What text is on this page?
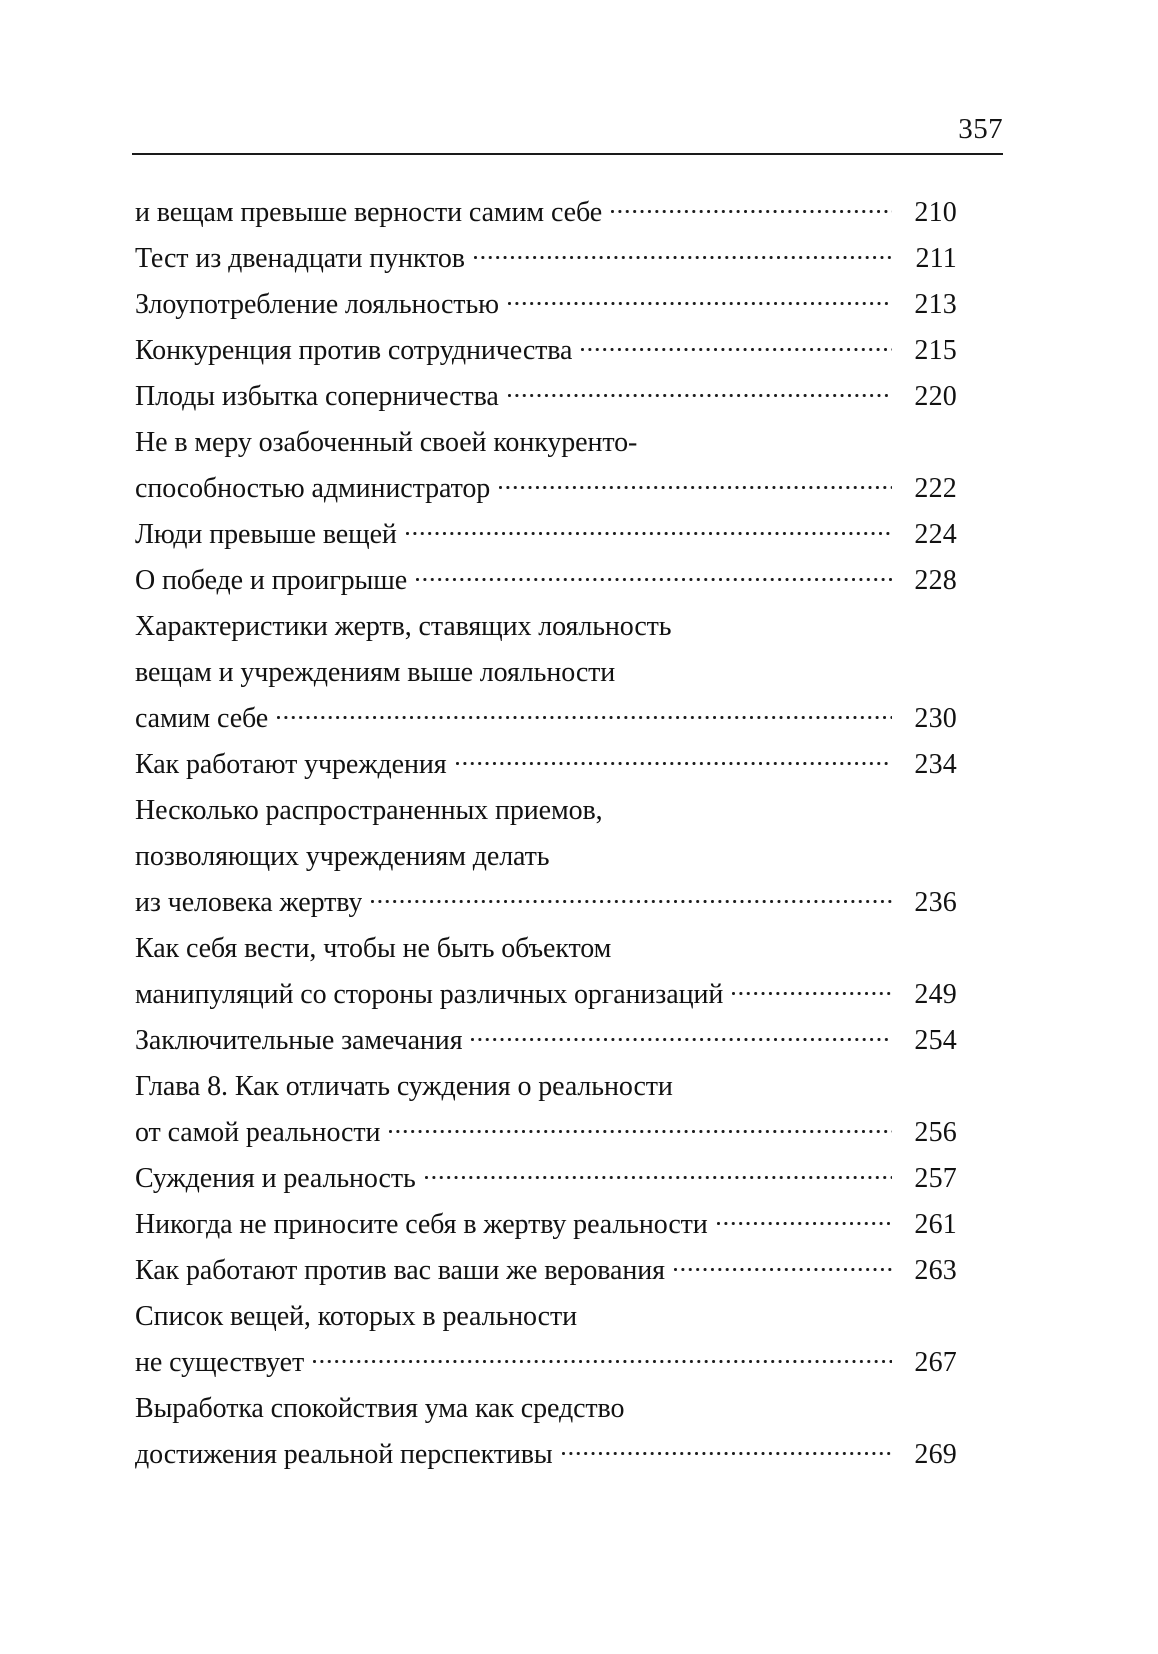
357
и вещам превыше верности самим себе	210
Тест из двенадцати пунктов	211
Злоупотребление лояльностью	213
Конкуренция против сотрудничества	215
Плоды избытка соперничества	220
Не в меру озабоченный своей конкуренто-
способностью администратор	222
Люди превыше вещей	224
О победе и проигрыше	228
Характеристики жертв, ставящих лояльность
вещам и учреждениям выше лояльности
самим себе	230
Как работают учреждения	234
Несколько распространенных приемов,
позволяющих учреждениям делать
из человека жертву	236
Как себя вести, чтобы не быть объектом
манипуляций со стороны различных организаций	249
Заключительные замечания	254
Глава 8. Как отличать суждения о реальности
от самой реальности	256
Суждения и реальность	257
Никогда не приносите себя в жертву реальности	261
Как работают против вас ваши же верования	263
Список вещей, которых в реальности
не существует	267
Выработка спокойствия ума как средство
достижения реальной перспективы	269
